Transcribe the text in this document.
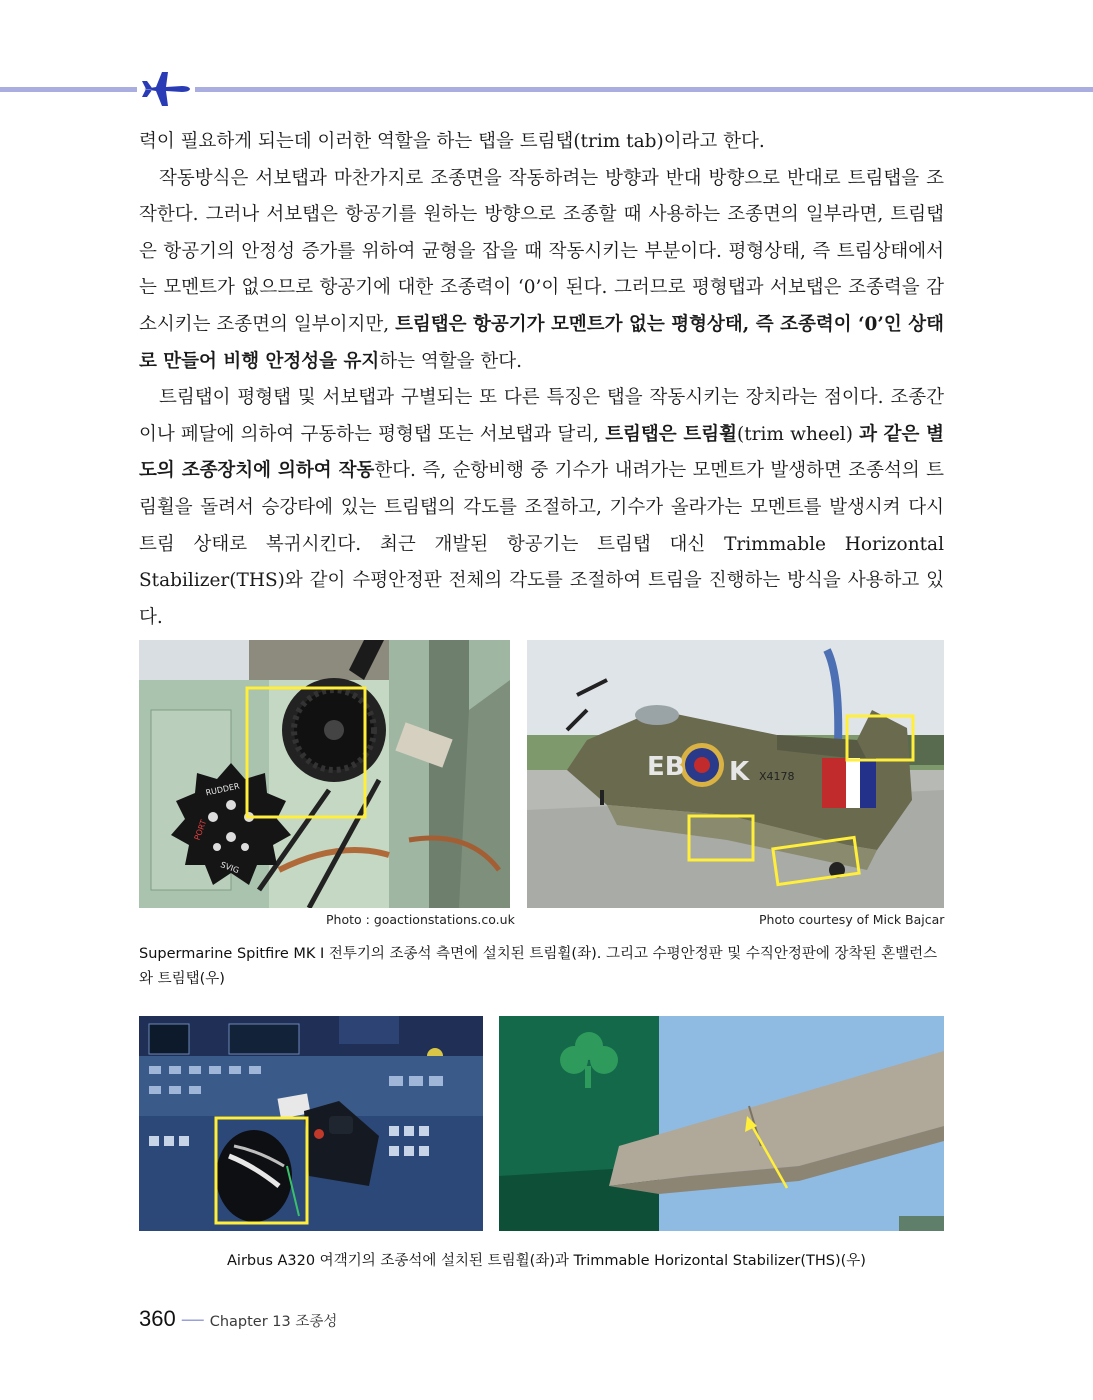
력이 필요하게 되는데 이러한 역할을 하는 탭을 트림탭(trim tab)이라고 한다.

작동방식은 서보탭과 마찬가지로 조종면을 작동하려는 방향과 반대 방향으로 반대로 트림탭을 조작한다. 그러나 서보탭은 항공기를 원하는 방향으로 조종할 때 사용하는 조종면의 일부라면, 트림탭은 항공기의 안정성 증가를 위하여 균형을 잡을 때 작동시키는 부분이다. 평형상태, 즉 트림상태에서는 모멘트가 없으므로 항공기에 대한 조종력이 ‘0’이 된다. 그러므로 평형탭과 서보탭은 조종력을 감소시키는 조종면의 일부이지만, 트림탭은 항공기가 모멘트가 없는 평형상태, 즉 조종력이 ‘0’인 상태로 만들어 비행 안정성을 유지하는 역할을 한다.

트림탭이 평형탭 및 서보탭과 구별되는 또 다른 특징은 탭을 작동시키는 장치라는 점이다. 조종간이나 페달에 의하여 구동하는 평형탭 또는 서보탭과 달리, 트림탭은 트림휠(trim wheel) 과 같은 별도의 조종장치에 의하여 작동한다. 즉, 순항비행 중 기수가 내려가는 모멘트가 발생하면 조종석의 트림휠을 돌려서 승강타에 있는 트림탭의 각도를 조절하고, 기수가 올라가는 모멘트를 발생시켜 다시 트림 상태로 복귀시킨다. 최근 개발된 항공기는 트림탭 대신 Trimmable Horizontal Stabilizer(THS)와 같이 수평안정판 전체의 각도를 조절하여 트림을 진행하는 방식을 사용하고 있다.

RUDDER
PORT
SVIG
Photo : goactionstations.co.uk
EB K X4178
Photo courtesy of Mick Bajcar
Supermarine Spitfire MK I 전투기의 조종석 측면에 설치된 트림휠(좌). 그리고 수평안정판 및 수직안정판에 장착된 혼밸런스와 트림탭(우)
Airbus A320 여객기의 조종석에 설치된 트림휠(좌)과 Trimmable Horizontal Stabilizer(THS)(우)
360 — Chapter 13 조종성
